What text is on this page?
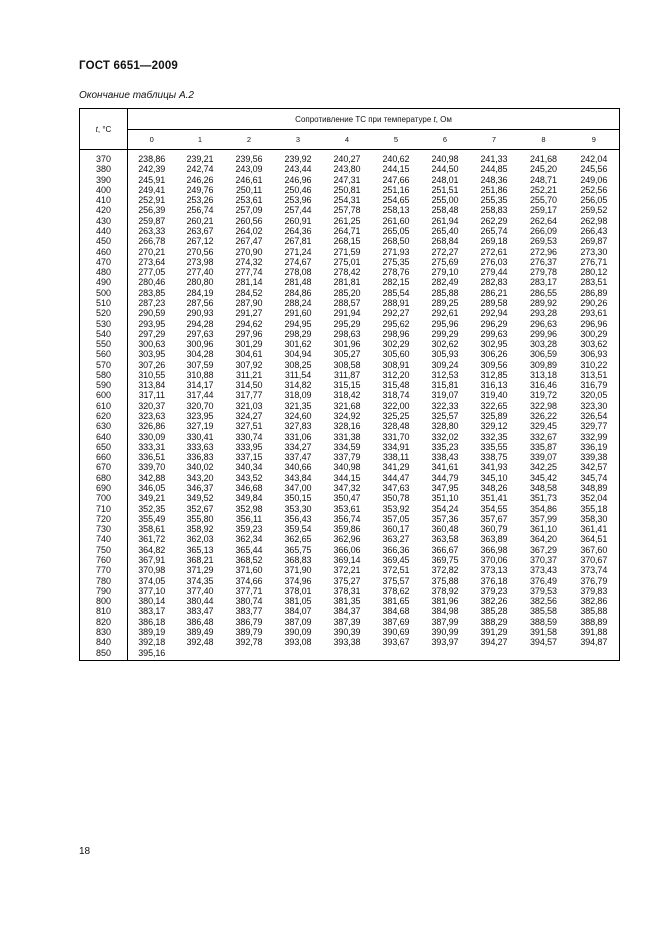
ГОСТ 6651—2009
Окончание таблицы А.2
t, °С	Сопротивление ТС при температуре t, Ом									
	0	1	2	3	4	5	6	7	8	9
370	238,86	239,21	239,56	239,92	240,27	240,62	240,98	241,33	241,68	242,04
380	242,39	242,74	243,09	243,44	243,80	244,15	244,50	244,85	245,20	245,56
390	245,91	246,26	246,61	246,96	247,31	247,66	248,01	248,36	248,71	249,06
400	249,41	249,76	250,11	250,46	250,81	251,16	251,51	251,86	252,21	252,56
410	252,91	253,26	253,61	253,96	254,31	254,65	255,00	255,35	255,70	256,05
420	256,39	256,74	257,09	257,44	257,78	258,13	258,48	258,83	259,17	259,52
430	259,87	260,21	260,56	260,91	261,25	261,60	261,94	262,29	262,64	262,98
440	263,33	263,67	264,02	264,36	264,71	265,05	265,40	265,74	266,09	266,43
450	266,78	267,12	267,47	267,81	268,15	268,50	268,84	269,18	269,53	269,87
460	270,21	270,56	270,90	271,24	271,59	271,93	272,27	272,61	272,96	273,30
470	273,64	273,98	274,32	274,67	275,01	275,35	275,69	276,03	276,37	276,71
480	277,05	277,40	277,74	278,08	278,42	278,76	279,10	279,44	279,78	280,12
490	280,46	280,80	281,14	281,48	281,81	282,15	282,49	282,83	283,17	283,51
500	283,85	284,19	284,52	284,86	285,20	285,54	285,88	286,21	286,55	286,89
510	287,23	287,56	287,90	288,24	288,57	288,91	289,25	289,58	289,92	290,26
520	290,59	290,93	291,27	291,60	291,94	292,27	292,61	292,94	293,28	293,61
530	293,95	294,28	294,62	294,95	295,29	295,62	295,96	296,29	296,63	296,96
540	297,29	297,63	297,96	298,29	298,63	298,96	299,29	299,63	299,96	300,29
550	300,63	300,96	301,29	301,62	301,96	302,29	302,62	302,95	303,28	303,62
560	303,95	304,28	304,61	304,94	305,27	305,60	305,93	306,26	306,59	306,93
570	307,26	307,59	307,92	308,25	308,58	308,91	309,24	309,56	309,89	310,22
580	310,55	310,88	311,21	311,54	311,87	312,20	312,53	312,85	313,18	313,51
590	313,84	314,17	314,50	314,82	315,15	315,48	315,81	316,13	316,46	316,79
600	317,11	317,44	317,77	318,09	318,42	318,74	319,07	319,40	319,72	320,05
610	320,37	320,70	321,03	321,35	321,68	322,00	322,33	322,65	322,98	323,30
620	323,63	323,95	324,27	324,60	324,92	325,25	325,57	325,89	326,22	326,54
630	326,86	327,19	327,51	327,83	328,16	328,48	328,80	329,12	329,45	329,77
640	330,09	330,41	330,74	331,06	331,38	331,70	332,02	332,35	332,67	332,99
650	333,31	333,63	333,95	334,27	334,59	334,91	335,23	335,55	335,87	336,19
660	336,51	336,83	337,15	337,47	337,79	338,11	338,43	338,75	339,07	339,38
670	339,70	340,02	340,34	340,66	340,98	341,29	341,61	341,93	342,25	342,57
680	342,88	343,20	343,52	343,84	344,15	344,47	344,79	345,10	345,42	345,74
690	346,05	346,37	346,68	347,00	347,32	347,63	347,95	348,26	348,58	348,89
700	349,21	349,52	349,84	350,15	350,47	350,78	351,10	351,41	351,73	352,04
710	352,35	352,67	352,98	353,30	353,61	353,92	354,24	354,55	354,86	355,18
720	355,49	355,80	356,11	356,43	356,74	357,05	357,36	357,67	357,99	358,30
730	358,61	358,92	359,23	359,54	359,86	360,17	360,48	360,79	361,10	361,41
740	361,72	362,03	362,34	362,65	362,96	363,27	363,58	363,89	364,20	364,51
750	364,82	365,13	365,44	365,75	366,06	366,36	366,67	366,98	367,29	367,60
760	367,91	368,21	368,52	368,83	369,14	369,45	369,75	370,06	370,37	370,67
770	370,98	371,29	371,60	371,90	372,21	372,51	372,82	373,13	373,43	373,74
780	374,05	374,35	374,66	374,96	375,27	375,57	375,88	376,18	376,49	376,79
790	377,10	377,40	377,71	378,01	378,31	378,62	378,92	379,23	379,53	379,83
800	380,14	380,44	380,74	381,05	381,35	381,65	381,96	382,26	382,56	382,86
810	383,17	383,47	383,77	384,07	384,37	384,68	384,98	385,28	385,58	385,88
820	386,18	386,48	386,79	387,09	387,39	387,69	387,99	388,29	388,59	388,89
830	389,19	389,49	389,79	390,09	390,39	390,69	390,99	391,29	391,58	391,88
840	392,18	392,48	392,78	393,08	393,38	393,67	393,97	394,27	394,57	394,87
850	395,16									
18
